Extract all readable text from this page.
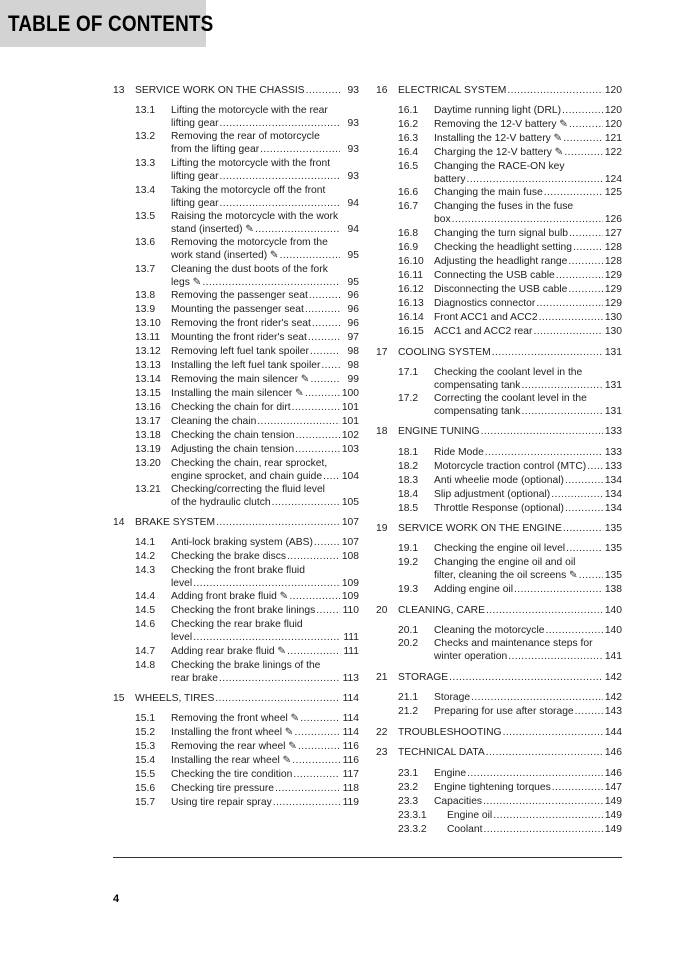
TABLE OF CONTENTS
13 SERVICE WORK ON THE CHASSIS .....	93
13.1 Lifting the motorcycle with the rear
lifting gear .....	93
13.2 Removing the rear of motorcycle
from the lifting gear .....	93
13.3 Lifting the motorcycle with the front
lifting gear .....	93
13.4 Taking the motorcycle off the front
lifting gear .....	94
13.5 Raising the motorcycle with the work
stand (inserted) ✎ .....	94
13.6 Removing the motorcycle from the
work stand (inserted) ✎ .....	95
13.7 Cleaning the dust boots of the fork
legs ✎ .....	95
13.8 Removing the passenger seat .....	96
13.9 Mounting the passenger seat .....	96
13.10 Removing the front rider's seat .....	96
13.11 Mounting the front rider's seat .....	97
13.12 Removing left fuel tank spoiler .....	98
13.13 Installing the left fuel tank spoiler .....	98
13.14 Removing the main silencer ✎ .....	99
13.15 Installing the main silencer ✎ .....	100
13.16 Checking the chain for dirt .....	101
13.17 Cleaning the chain .....	101
13.18 Checking the chain tension .....	102
13.19 Adjusting the chain tension .....	103
13.20 Checking the chain, rear sprocket,
engine sprocket, and chain guide ..... 104
13.21 Checking/correcting the fluid level
of the hydraulic clutch .....	105
14 BRAKE SYSTEM .....	107
14.1 Anti-lock braking system (ABS) .....	107
14.2 Checking the brake discs .....	108
14.3 Checking the front brake fluid
level .....	109
14.4 Adding front brake fluid ✎ .....	109
14.5 Checking the front brake linings .....	110
14.6 Checking the rear brake fluid
level .....	111
14.7 Adding rear brake fluid ✎ .....	111
14.8 Checking the brake linings of the
rear brake .....	113
15 WHEELS, TIRES .....	114
15.1 Removing the front wheel ✎ .....	114
15.2 Installing the front wheel ✎ .....	114
15.3 Removing the rear wheel ✎ .....	116
15.4 Installing the rear wheel ✎ .....	116
15.5 Checking the tire condition .....	117
15.6 Checking tire pressure .....	118
15.7 Using tire repair spray .....	119
16 ELECTRICAL SYSTEM .....	120
16.1 Daytime running light (DRL) .....	120
16.2 Removing the 12-V battery ✎ .....	120
16.3 Installing the 12-V battery ✎ .....	121
16.4 Charging the 12-V battery ✎ .....	122
16.5 Changing the RACE-ON key
battery .....	124
16.6 Changing the main fuse .....	125
16.7 Changing the fuses in the fuse
box .....	126
16.8 Changing the turn signal bulb .....	127
16.9 Checking the headlight setting .....	128
16.10 Adjusting the headlight range .....	128
16.11 Connecting the USB cable .....	129
16.12 Disconnecting the USB cable .....	129
16.13 Diagnostics connector .....	129
16.14 Front ACC1 and ACC2 .....	130
16.15 ACC1 and ACC2 rear .....	130
17 COOLING SYSTEM .....	131
17.1 Checking the coolant level in the
compensating tank .....	131
17.2 Correcting the coolant level in the
compensating tank .....	131
18 ENGINE TUNING .....	133
18.1 Ride Mode .....	133
18.2 Motorcycle traction control (MTC) ..... 133
18.3 Anti wheelie mode (optional) .....	134
18.4 Slip adjustment (optional) .....	134
18.5 Throttle Response (optional) .....	134
19 SERVICE WORK ON THE ENGINE .....	135
19.1 Checking the engine oil level .....	135
19.2 Changing the engine oil and oil
filter, cleaning the oil screens ✎ .....	135
19.3 Adding engine oil .....	138
20 CLEANING, CARE .....	140
20.1 Cleaning the motorcycle .....	140
20.2 Checks and maintenance steps for
winter operation .....	141
21 STORAGE .....	142
21.1 Storage .....	142
21.2 Preparing for use after storage .....	143
22 TROUBLESHOOTING .....	144
23 TECHNICAL DATA .....	146
23.1 Engine .....	146
23.2 Engine tightening torques .....	147
23.3 Capacities .....	149
23.3.1 Engine oil .....	149
23.3.2 Coolant .....	149
4
